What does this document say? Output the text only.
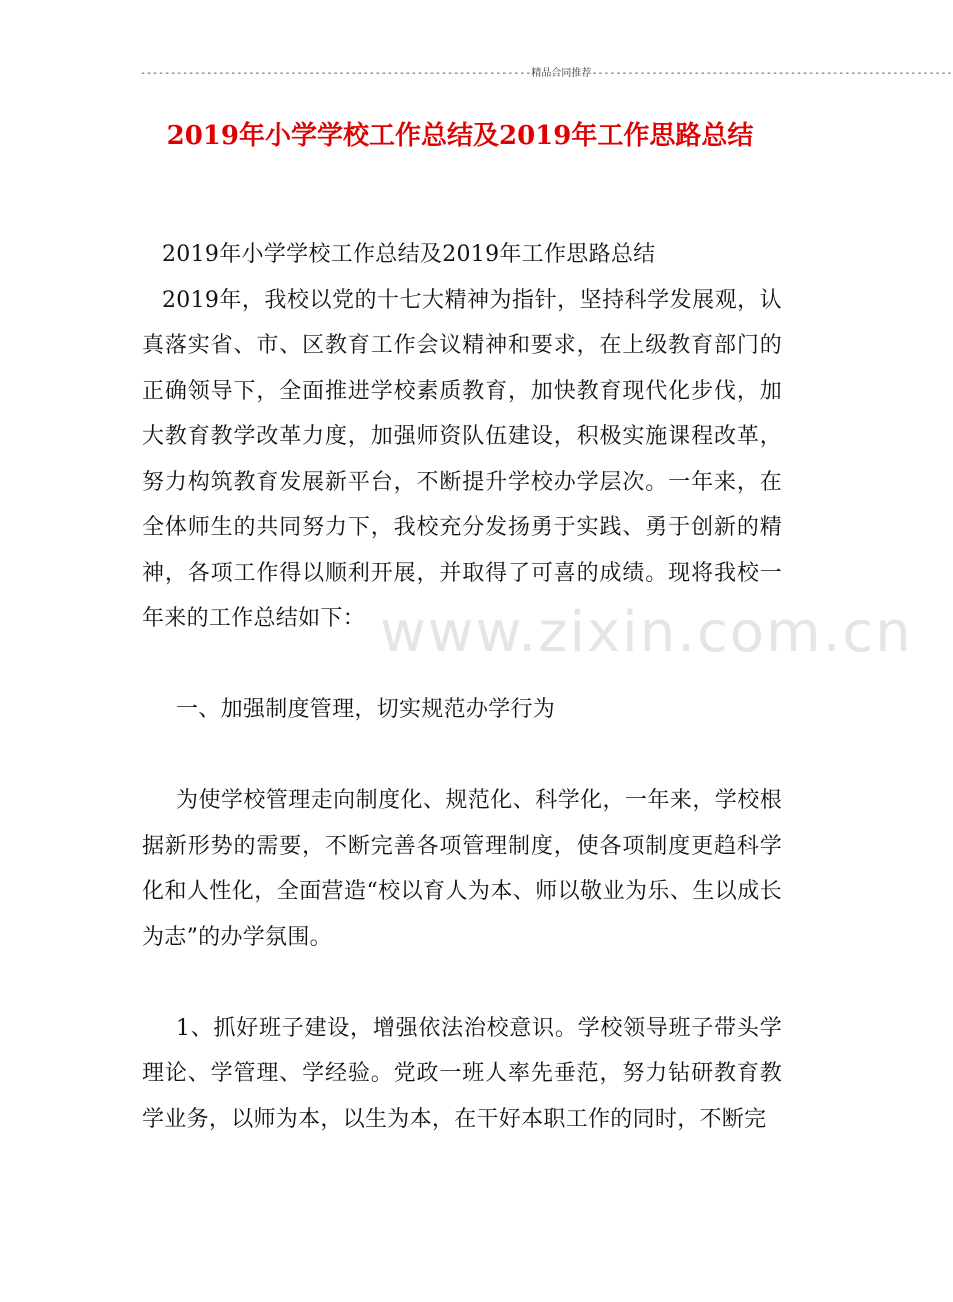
-----------------------------------------------------------------精品合同推荐------------------------------------------------------------
2019年小学学校工作总结及2019年工作思路总结
www.zixin.com.cn

2019年小学学校工作总结及2019年工作思路总结

2019年，我校以党的十七大精神为指针，坚持科学发展观，认真落实省、市、区教育工作会议精神和要求，在上级教育部门的正确领导下，全面推进学校素质教育，加快教育现代化步伐，加大教育教学改革力度，加强师资队伍建设，积极实施课程改革，努力构筑教育发展新平台，不断提升学校办学层次。一年来，在全体师生的共同努力下，我校充分发扬勇于实践、勇于创新的精神，各项工作得以顺利开展，并取得了可喜的成绩。现将我校一年来的工作总结如下：

一、加强制度管理，切实规范办学行为

为使学校管理走向制度化、规范化、科学化，一年来，学校根据新形势的需要，不断完善各项管理制度，使各项制度更趋科学化和人性化，全面营造“校以育人为本、师以敬业为乐、生以成长为志”的办学氛围。

1、抓好班子建设，增强依法治校意识。学校领导班子带头学理论、学管理、学经验。党政一班人率先垂范，努力钻研教育教学业务，以师为本，以生为本，在干好本职工作的同时，不断完
